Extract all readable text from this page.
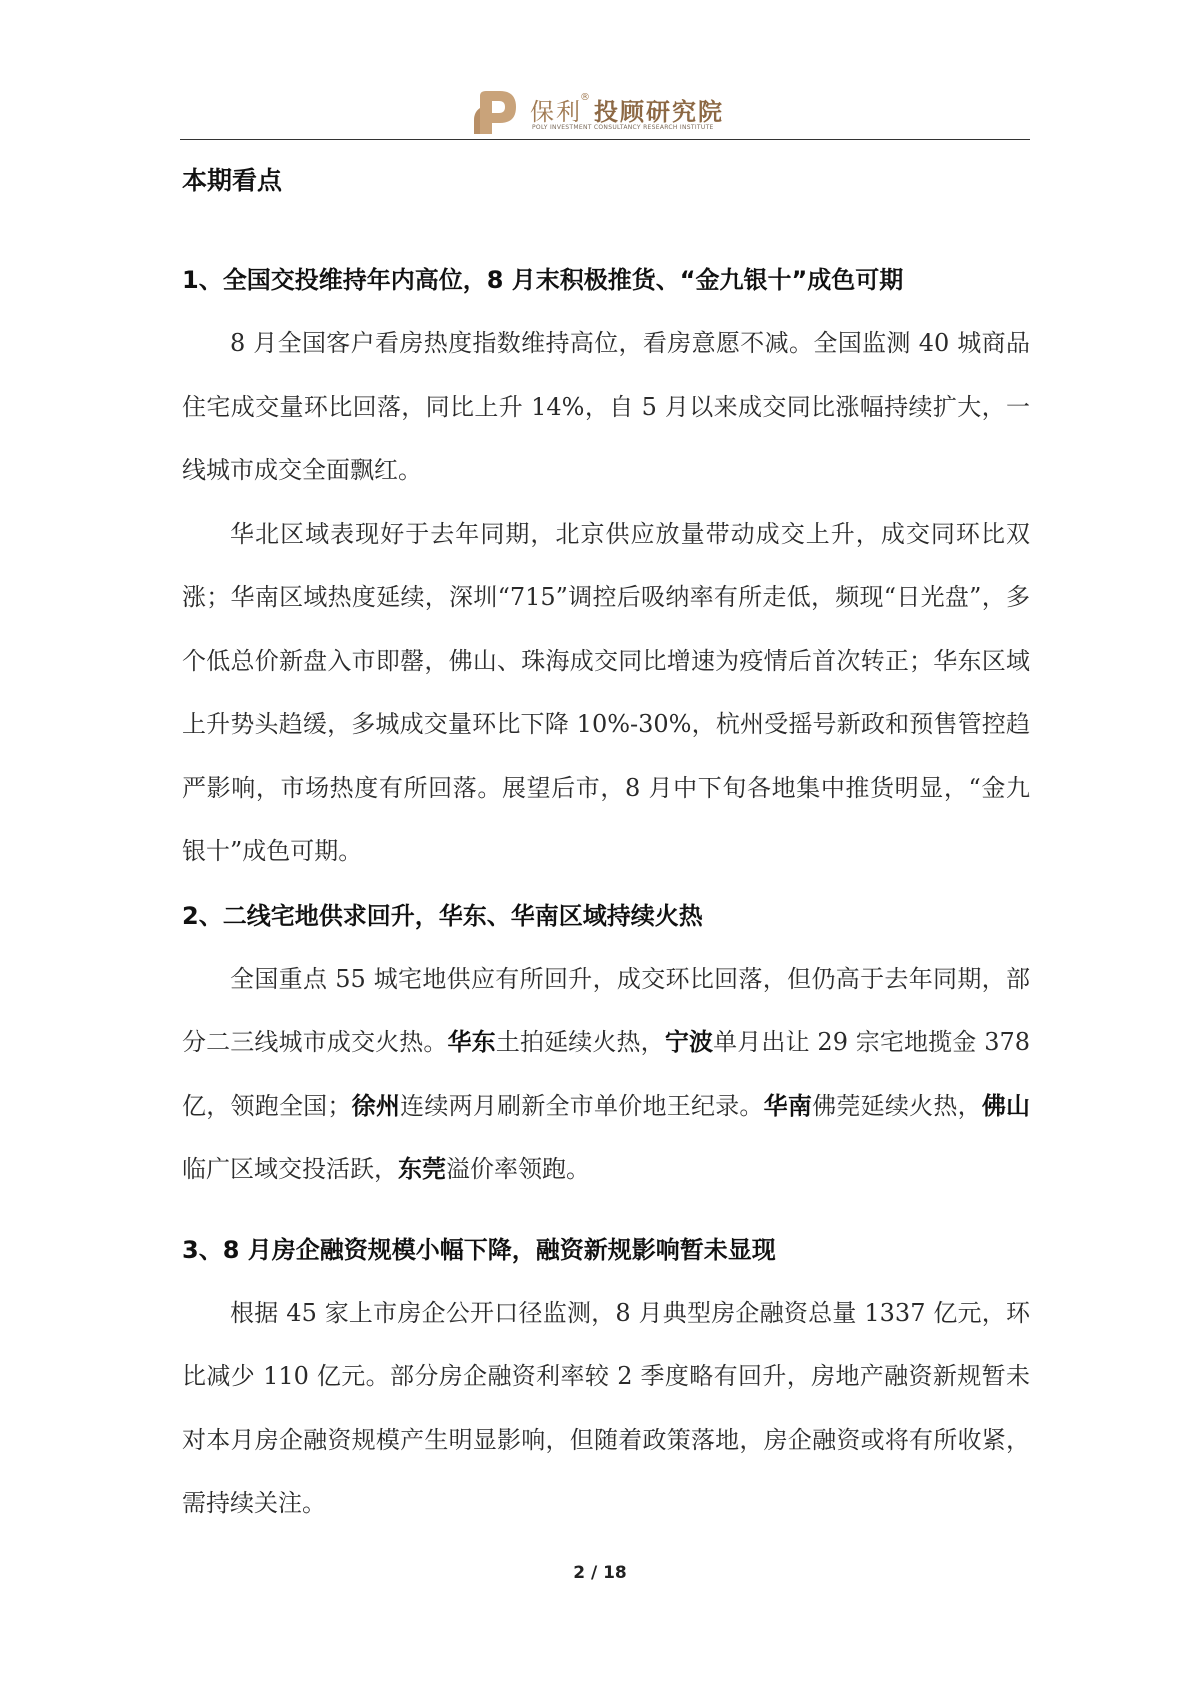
保利®投顾研究院
POLY INVESTMENT CONSULTANCY RESEARCH INSTITUTE
本期看点
1、全国交投维持年内高位，8 月末积极推货、“金九银十”成色可期

8 月全国客户看房热度指数维持高位，看房意愿不减。全国监测 40 城商品住宅成交量环比回落，同比上升 14%，自 5 月以来成交同比涨幅持续扩大，一线城市成交全面飘红。

华北区域表现好于去年同期，北京供应放量带动成交上升，成交同环比双涨；华南区域热度延续，深圳“715”调控后吸纳率有所走低，频现“日光盘”，多个低总价新盘入市即罄，佛山、珠海成交同比增速为疫情后首次转正；华东区域上升势头趋缓，多城成交量环比下降 10%-30%，杭州受摇号新政和预售管控趋严影响，市场热度有所回落。展望后市，8 月中下旬各地集中推货明显，“金九银十”成色可期。

2、二线宅地供求回升，华东、华南区域持续火热

全国重点 55 城宅地供应有所回升，成交环比回落，但仍高于去年同期，部分二三线城市成交火热。华东土拍延续火热，宁波单月出让 29 宗宅地揽金 378 亿，领跑全国；徐州连续两月刷新全市单价地王纪录。华南佛莞延续火热，佛山临广区域交投活跃，东莞溢价率领跑。

3、8 月房企融资规模小幅下降，融资新规影响暂未显现

根据 45 家上市房企公开口径监测，8 月典型房企融资总量 1337 亿元，环比减少 110 亿元。部分房企融资利率较 2 季度略有回升，房地产融资新规暂未对本月房企融资规模产生明显影响，但随着政策落地，房企融资或将有所收紧，需持续关注。

2 / 18
